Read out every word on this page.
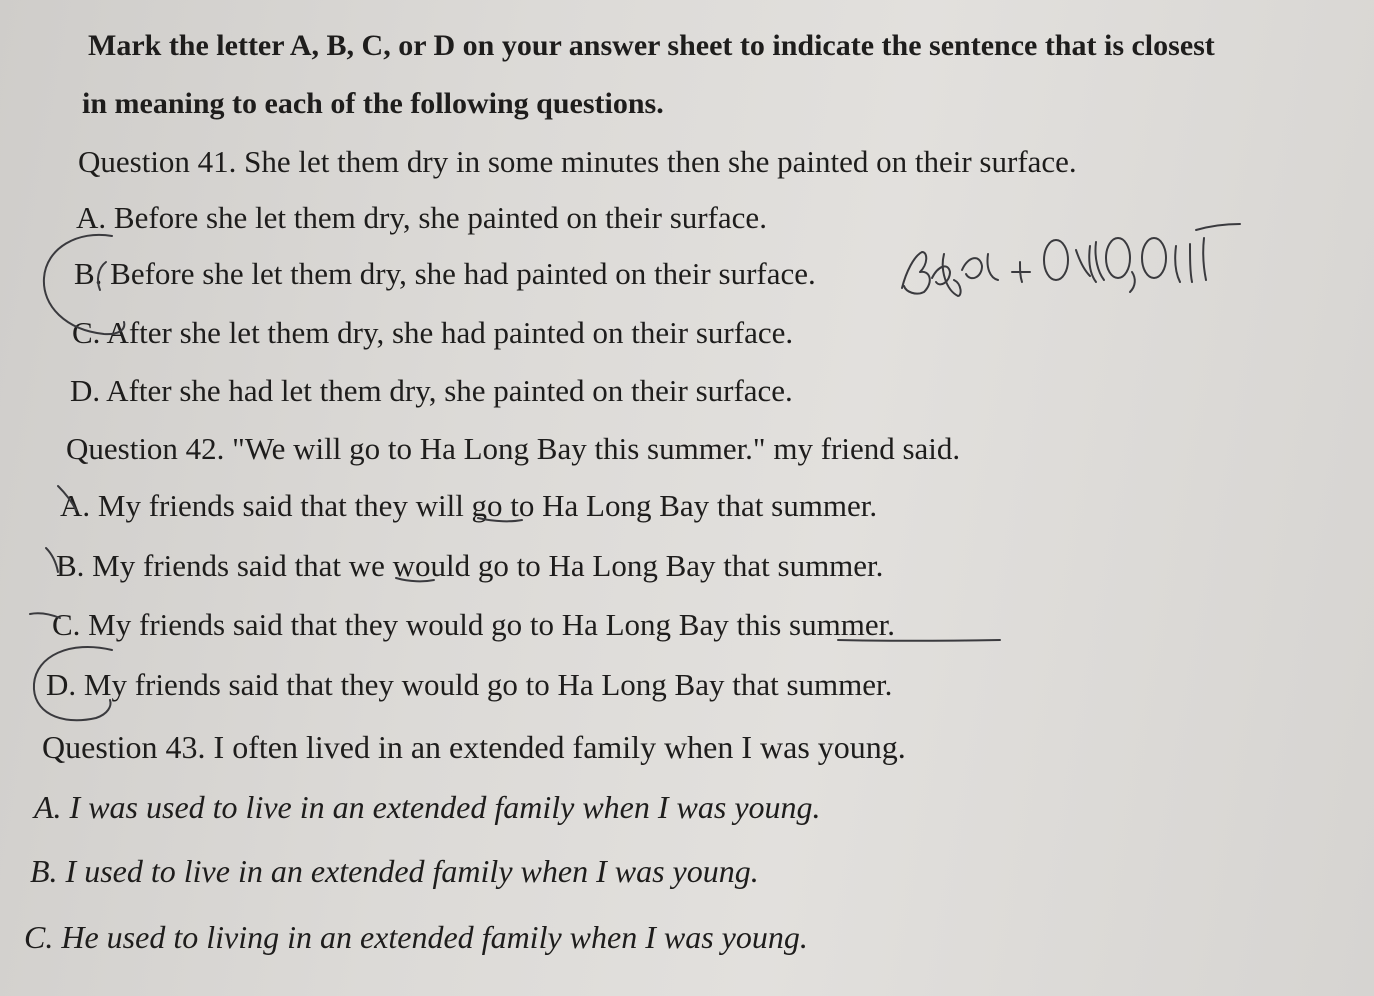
Mark the letter A, B, C, or D on your answer sheet to indicate the sentence that is closest
in meaning to each of the following questions.
Question 41. She let them dry in some minutes then she painted on their surface.
A. Before she let them dry, she painted on their surface.
B. Before she let them dry, she had painted on their surface.
C. After she let them dry, she had painted on their surface.
D. After she had let them dry, she painted on their surface.
Question 42. "We will go to Ha Long Bay this summer." my friend said.
A. My friends said that they will go to Ha Long Bay that summer.
B. My friends said that we would go to Ha Long Bay that summer.
C. My friends said that they would go to Ha Long Bay this summer.
D. My friends said that they would go to Ha Long Bay that summer.
Question 43. I often lived in an extended family when I was young.
A. I was used to live in an extended family when I was young.
B. I used to live in an extended family when I was young.
C. He used to living in an extended family when I was young.
